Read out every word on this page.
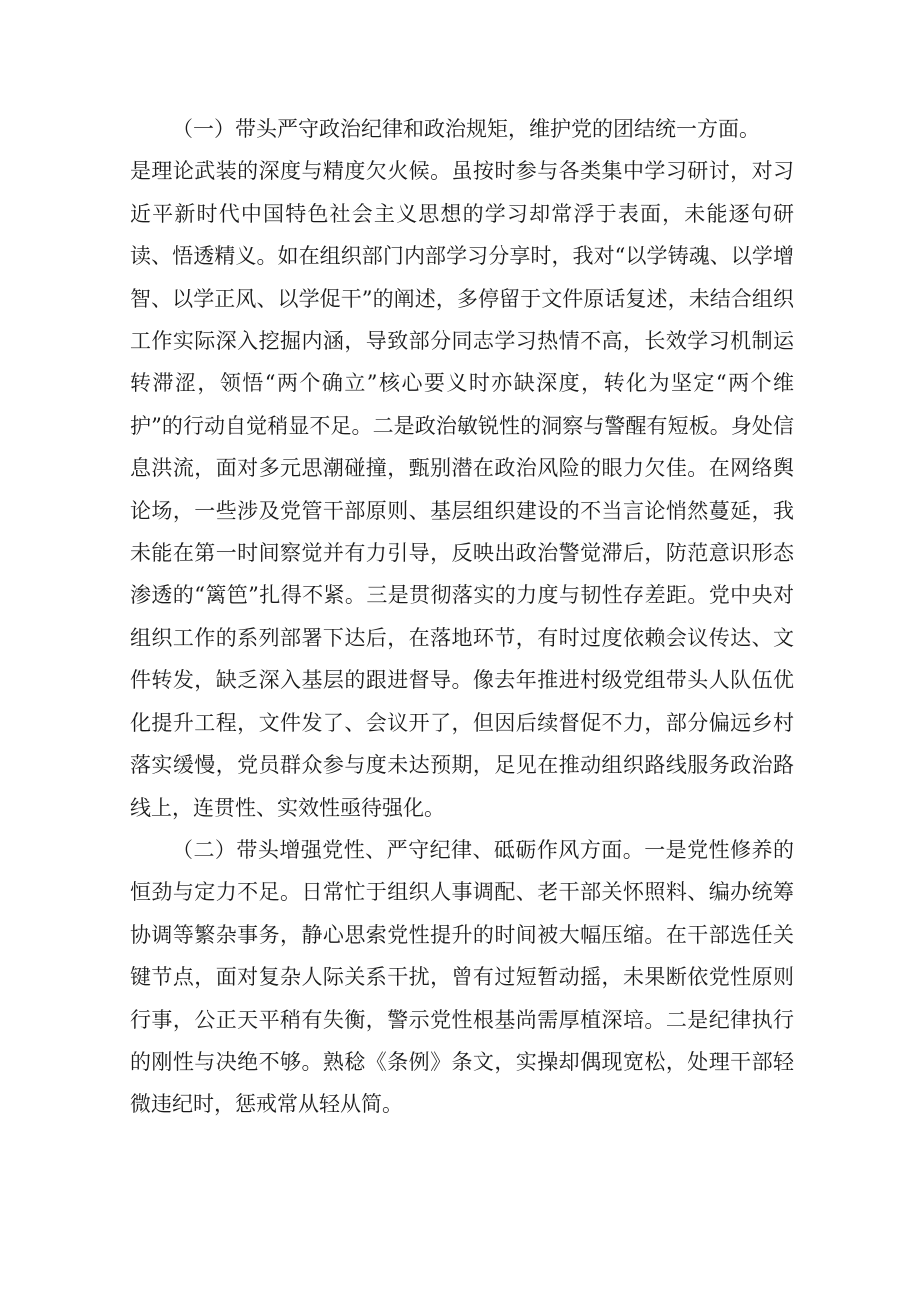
（一）带头严守政治纪律和政治规矩，维护党的团结统一方面。

是理论武装的深度与精度欠火候。虽按时参与各类集中学习研讨，对习近平新时代中国特色社会主义思想的学习却常浮于表面，未能逐句研读、悟透精义。如在组织部门内部学习分享时，我对“以学铸魂、以学增智、以学正风、以学促干”的阐述，多停留于文件原话复述，未结合组织工作实际深入挖掘内涵，导致部分同志学习热情不高，长效学习机制运转滞涩，领悟“两个确立”核心要义时亦缺深度，转化为坚定“两个维护”的行动自觉稍显不足。二是政治敏锐性的洞察与警醒有短板。身处信息洪流，面对多元思潮碰撞，甄别潜在政治风险的眼力欠佳。在网络舆论场，一些涉及党管干部原则、基层组织建设的不当言论悄然蔓延，我未能在第一时间察觉并有力引导，反映出政治警觉滞后，防范意识形态渗透的“篱笆”扎得不紧。三是贯彻落实的力度与韧性存差距。党中央对组织工作的系列部署下达后，在落地环节，有时过度依赖会议传达、文件转发，缺乏深入基层的跟进督导。像去年推进村级党组带头人队伍优化提升工程，文件发了、会议开了，但因后续督促不力，部分偏远乡村落实缓慢，党员群众参与度未达预期，足见在推动组织路线服务政治路线上，连贯性、实效性亟待强化。

（二）带头增强党性、严守纪律、砥砺作风方面。一是党性修养的恒劲与定力不足。日常忙于组织人事调配、老干部关怀照料、编办统筹协调等繁杂事务，静心思索党性提升的时间被大幅压缩。在干部选任关键节点，面对复杂人际关系干扰，曾有过短暂动摇，未果断依党性原则行事，公正天平稍有失衡，警示党性根基尚需厚植深培。二是纪律执行的刚性与决绝不够。熟稔《条例》条文，实操却偶现宽松，处理干部轻微违纪时，惩戒常从轻从简。
